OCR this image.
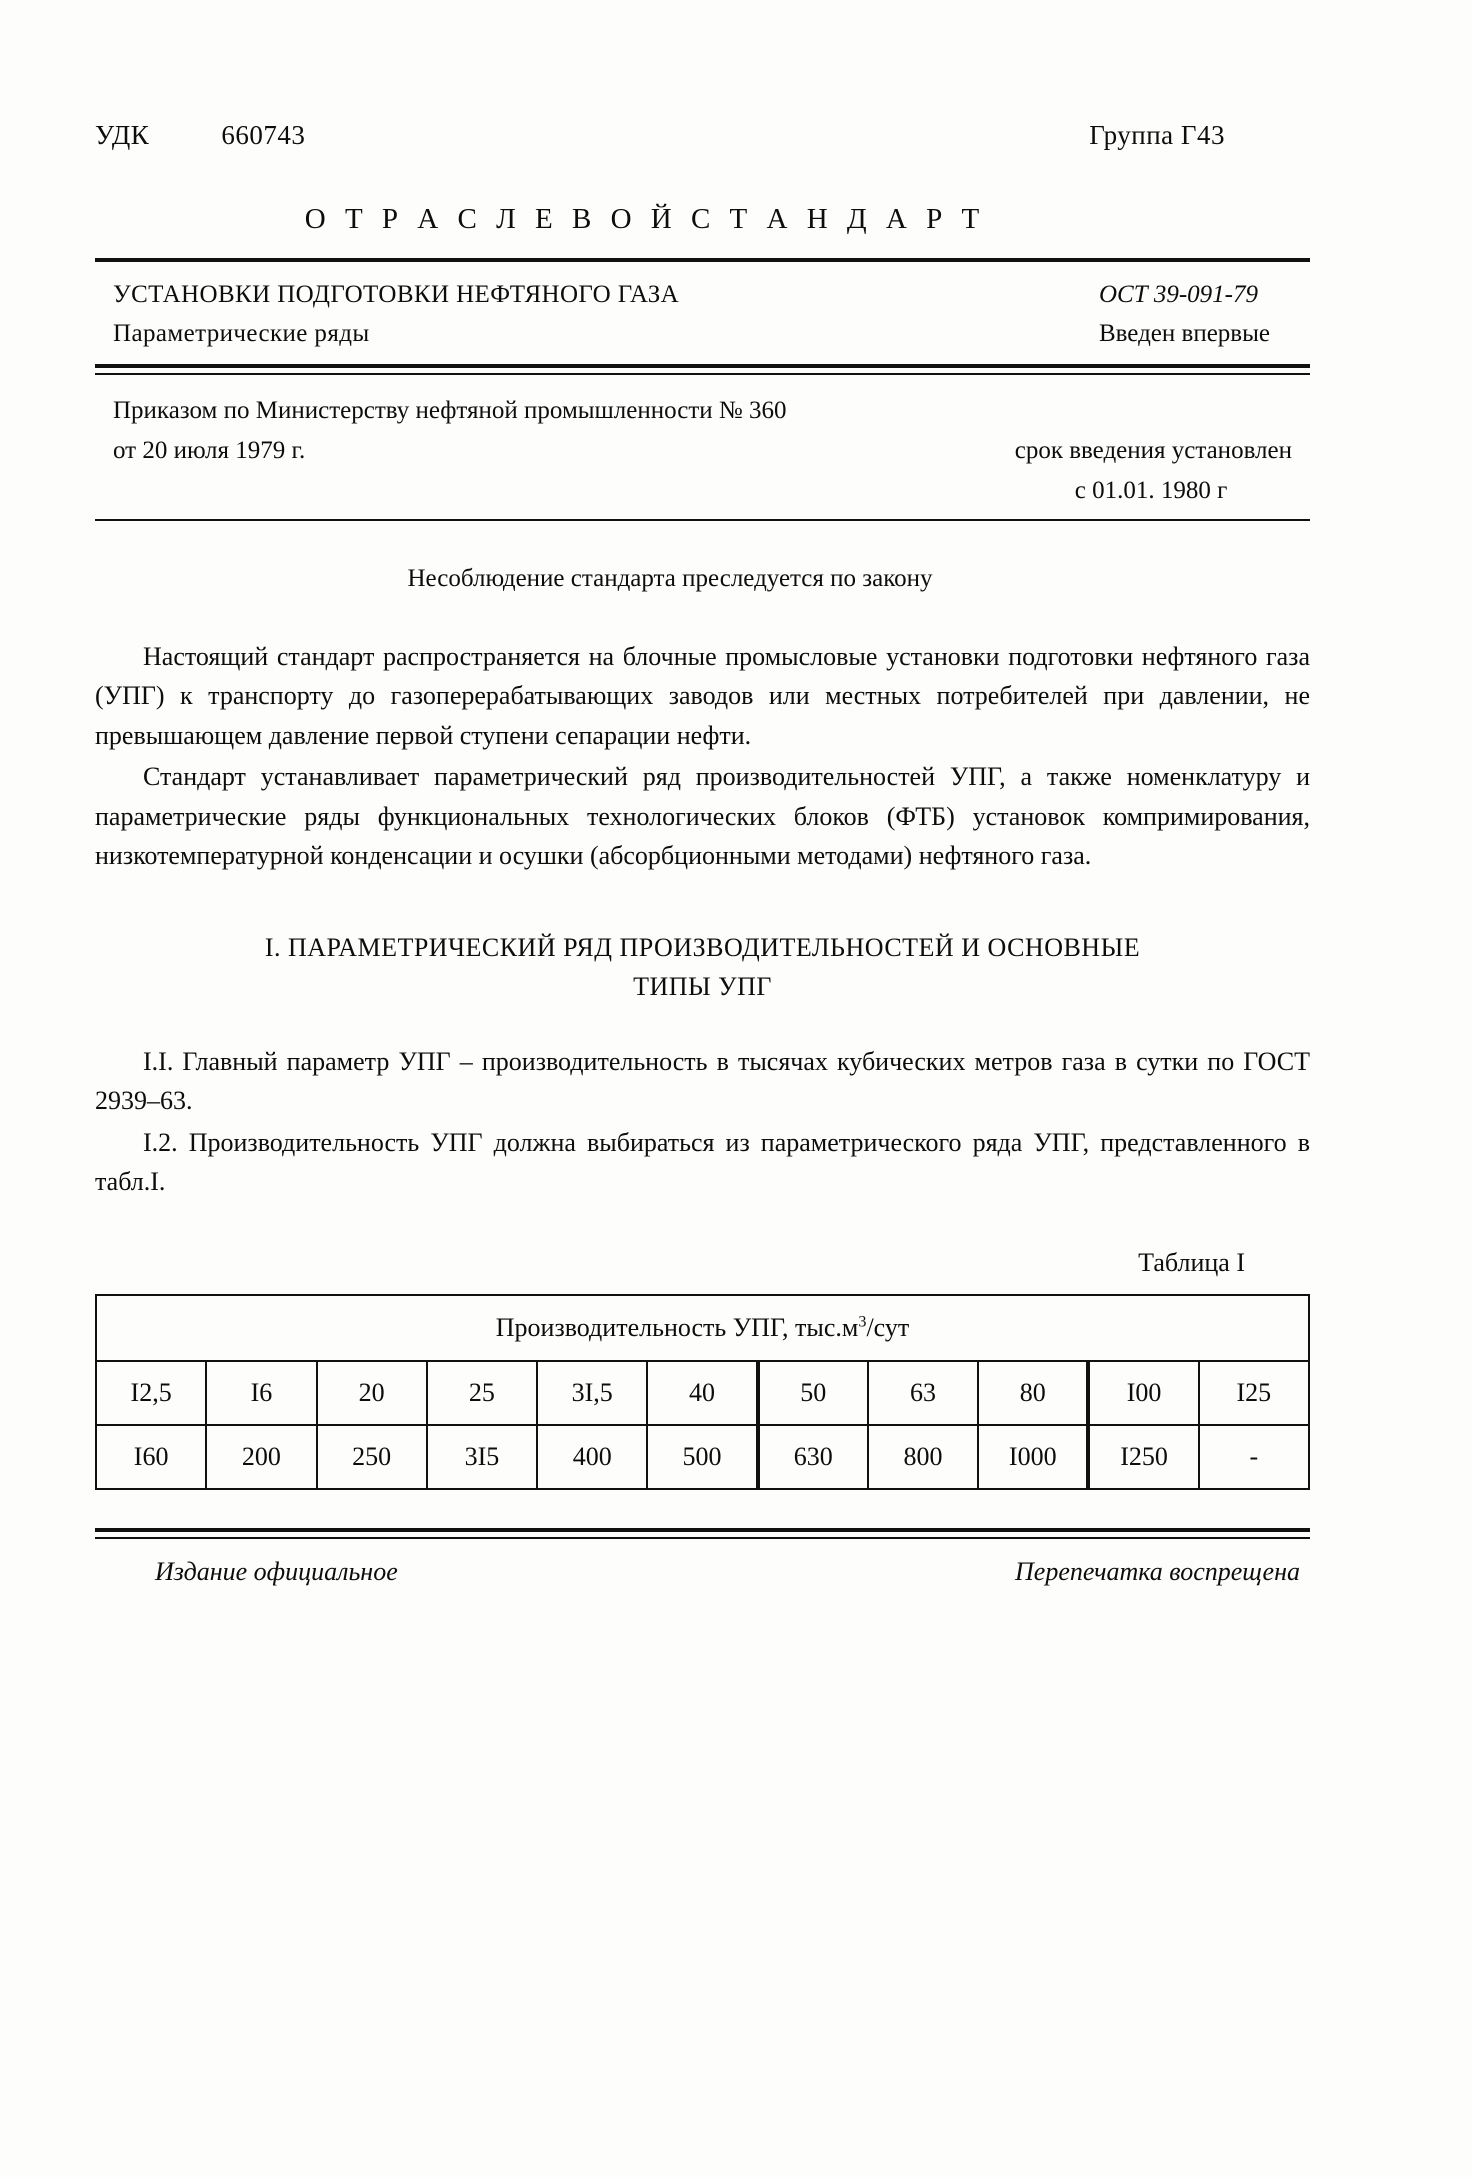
УДК	660743	Группа Г43
О Т Р А С Л Е В О Й С Т А Н Д А Р Т
УСТАНОВКИ ПОДГОТОВКИ НЕФТЯНОГО ГАЗА
Параметрические ряды
ОСТ 39-091-79
Введен впервые
Приказом по Министерству нефтяной промышленности № 360
от 20 июля 1979 г.	срок введения установлен
с 01.01. 1980 г
Несоблюдение стандарта преследуется по закону

Настоящий стандарт распространяется на блочные промысловые установки подготовки нефтяного газа (УПГ) к транспорту до газоперерабатывающих заводов или местных потребителей при давлении, не превышающем давление первой ступени сепарации нефти.

Стандарт устанавливает параметрический ряд производительностей УПГ, а также номенклатуру и параметрические ряды функциональных технологических блоков (ФТБ) установок компримирования, низкотемпературной конденсации и осушки (абсорбционными методами) нефтяного газа.

I. ПАРАМЕТРИЧЕСКИЙ РЯД ПРОИЗВОДИТЕЛЬНОСТЕЙ И ОСНОВНЫЕ
ТИПЫ УПГ

I.I. Главный параметр УПГ – производительность в тысячах кубических метров газа в сутки по ГОСТ 2939–63.

I.2. Производительность УПГ должна выбираться из параметрического ряда УПГ, представленного в табл.I.

Таблица I
Производительность УПГ, $тыс.м^3$/сут										
I2,5	I6	20	25	3I,5	40	50	63	80	I00	I25
I60	200	250	3I5	400	500	630	800	I000	I250	-
Издание официальное	Перепечатка воспрещена
